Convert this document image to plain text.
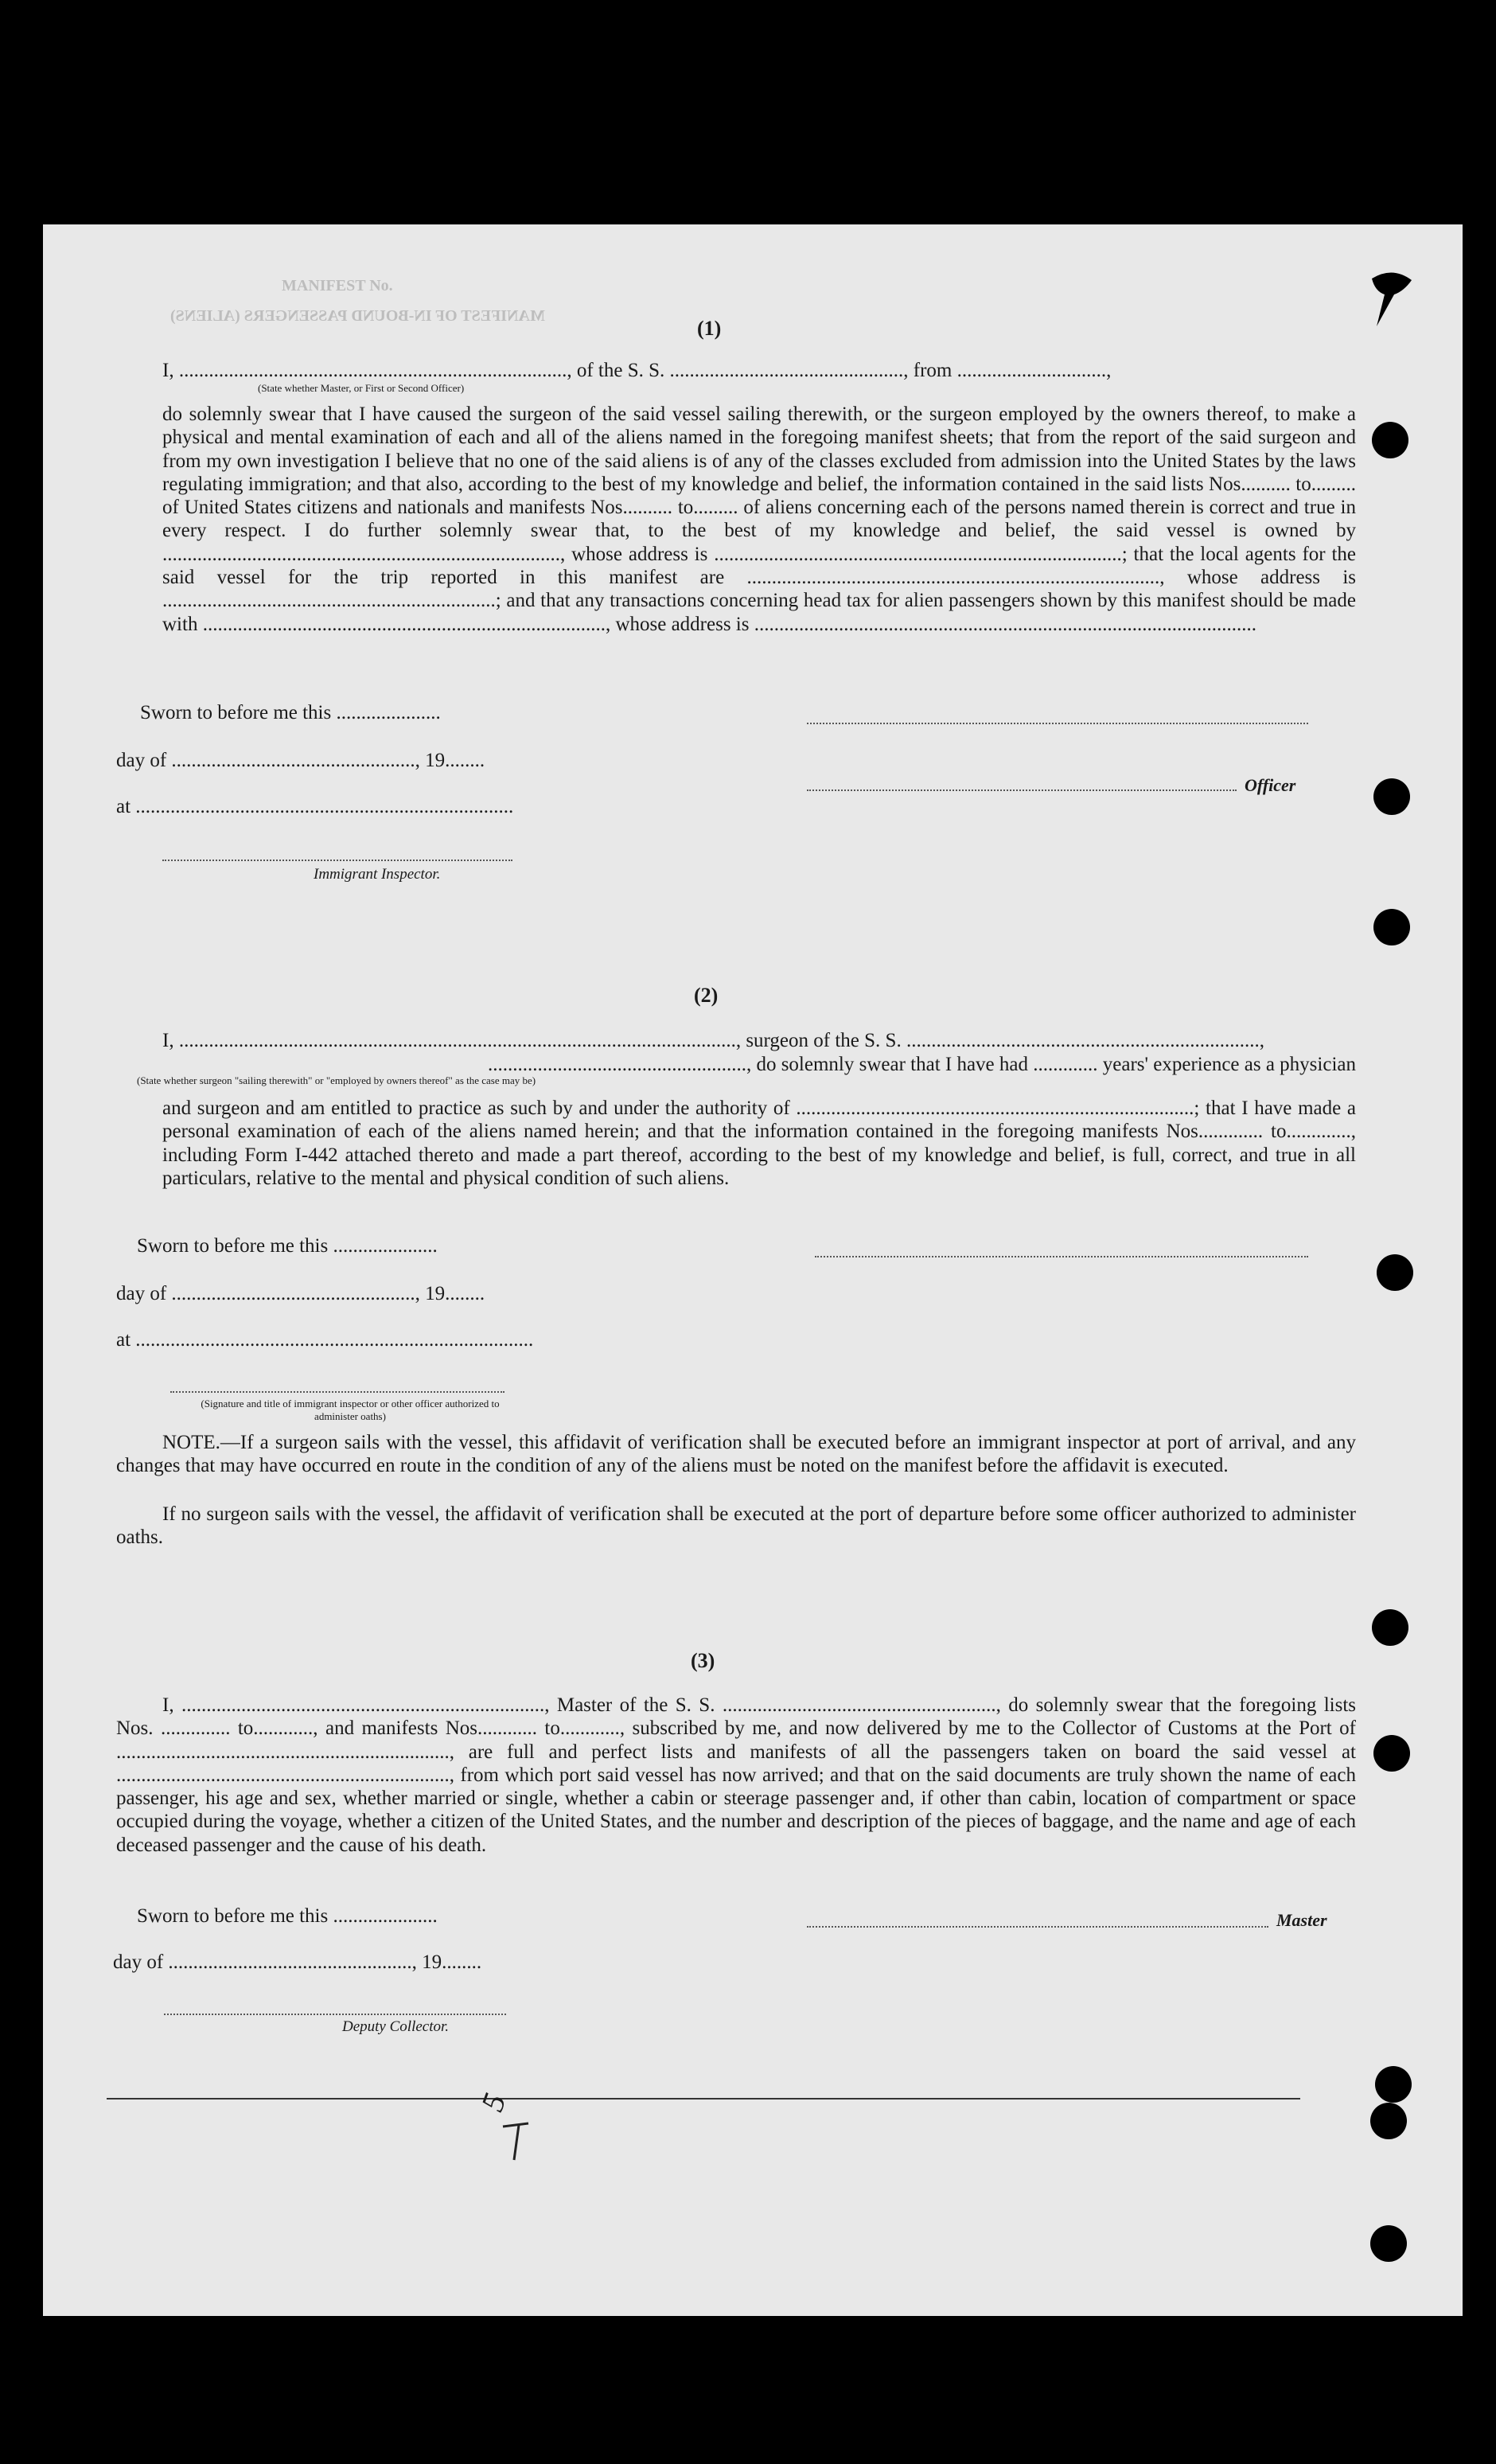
MANIFEST No.
MANIFEST OF IN-BOUND PASSENGERS (ALIENS)
(1)
I, .............................................................................., of the S. S. ..............................................., from ..............................,
(State whether Master, or First or Second Officer)
do solemnly swear that I have caused the surgeon of the said vessel sailing therewith, or the surgeon employed by the owners thereof, to make a physical and mental examination of each and all of the aliens named in the foregoing manifest sheets; that from the report of the said surgeon and from my own investigation I believe that no one of the said aliens is of any of the classes excluded from admission into the United States by the laws regulating immigration; and that also, according to the best of my knowledge and belief, the information contained in the said lists Nos.......... to......... of United States citizens and nationals and manifests Nos.......... to......... of aliens concerning each of the persons named therein is correct and true in every respect. I do further solemnly swear that, to the best of my knowledge and belief, the said vessel is owned by ................................................................................, whose address is ..................................................................................; that the local agents for the said vessel for the trip reported in this manifest are ..................................................................................., whose address is ...................................................................; and that any transactions concerning head tax for alien passengers shown by this manifest should be made with ................................................................................., whose address is .....................................................................................................
Sworn to before me this .....................
day of ................................................., 19........
Officer
at ............................................................................
Immigrant Inspector.
(2)
I, ................................................................................................................, surgeon of the S. S. .......................................................................,
...................................................., do solemnly swear that I have had ............. years' experience as a physician
(State whether surgeon "sailing therewith" or "employed by owners thereof" as the case may be)
and surgeon and am entitled to practice as such by and under the authority of ................................................................................; that I have made a personal examination of each of the aliens named herein; and that the information contained in the foregoing manifests Nos............. to............., including Form I-442 attached thereto and made a part thereof, according to the best of my knowledge and belief, is full, correct, and true in all particulars, relative to the mental and physical condition of such aliens.
Sworn to before me this .....................
day of ................................................., 19........
at ................................................................................
(Signature and title of immigrant inspector or other officer authorized to administer oaths)
NOTE.—If a surgeon sails with the vessel, this affidavit of verification shall be executed before an immigrant inspector at port of arrival, and any changes that may have occurred en route in the condition of any of the aliens must be noted on the manifest before the affidavit is executed.
If no surgeon sails with the vessel, the affidavit of verification shall be executed at the port of departure before some officer authorized to administer oaths.
(3)
I, ........................................................................., Master of the S. S. ......................................................., do solemnly swear that the foregoing lists Nos. .............. to............, and manifests Nos............ to............, subscribed by me, and now delivered by me to the Collector of Customs at the Port of ..................................................................., are full and perfect lists and manifests of all the passengers taken on board the said vessel at ..................................................................., from which port said vessel has now arrived; and that on the said documents are truly shown the name of each passenger, his age and sex, whether married or single, whether a cabin or steerage passenger and, if other than cabin, location of compartment or space occupied during the voyage, whether a citizen of the United States, and the number and description of the pieces of baggage, and the name and age of each deceased passenger and the cause of his death.
Sworn to before me this .....................	Master
day of ................................................., 19........
Deputy Collector.
5
